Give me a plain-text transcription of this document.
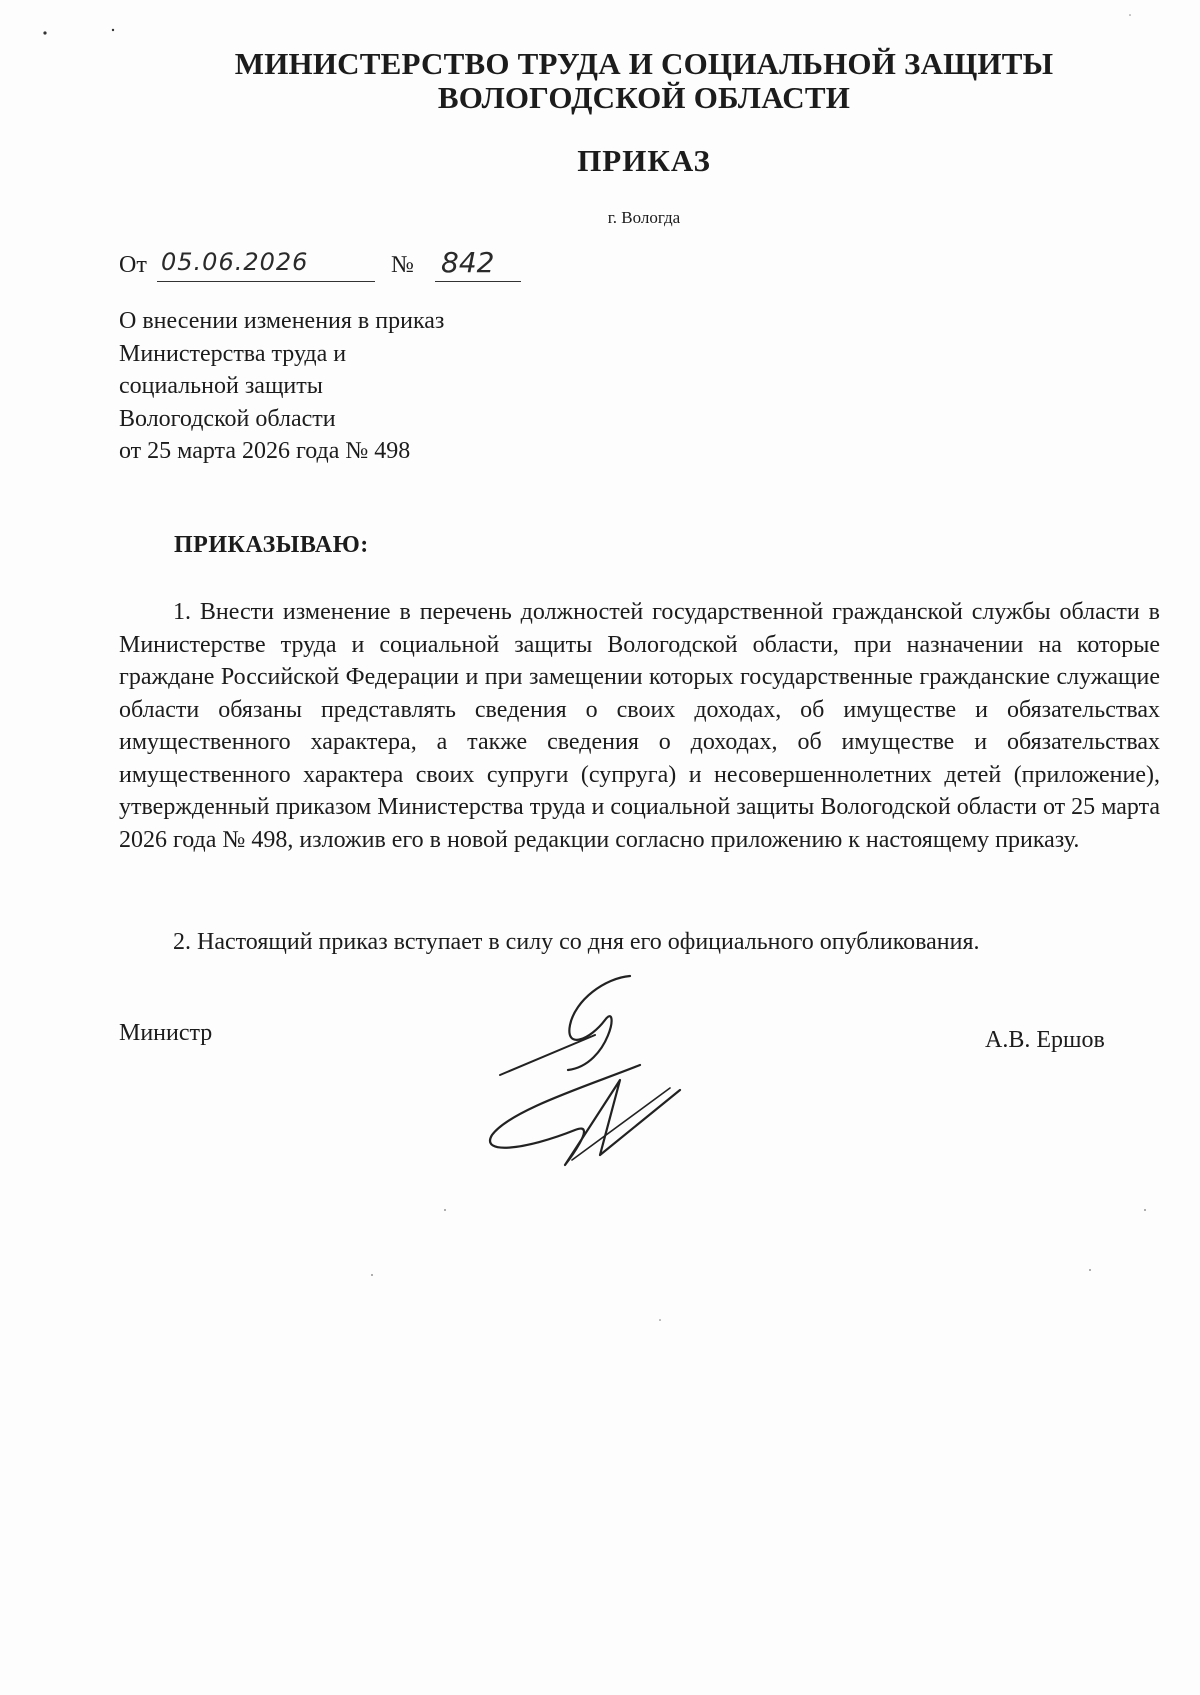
МИНИСТЕРСТВО ТРУДА И СОЦИАЛЬНОЙ ЗАЩИТЫ
ВОЛОГОДСКОЙ ОБЛАСТИ
ПРИКАЗ
г. Вологда
От 05.06.2026	№ 842
О внесении изменения в приказ
Министерства труда и
социальной защиты
Вологодской области
от 25 марта 2026 года № 498
ПРИКАЗЫВАЮ:
1. Внести изменение в перечень должностей государственной гражданской службы области в Министерстве труда и социальной защиты Вологодской области, при назначении на которые граждане Российской Федерации и при замещении которых государственные гражданские служащие области обязаны представлять сведения о своих доходах, об имуществе и обязательствах имущественного характера, а также сведения о доходах, об имуществе и обязательствах имущественного характера своих супруги (супруга) и несовершеннолетних детей (приложение), утвержденный приказом Министерства труда и социальной защиты Вологодской области от 25 марта 2026 года № 498, изложив его в новой редакции согласно приложению к настоящему приказу.
2. Настоящий приказ вступает в силу со дня его официального опубликования.
Министр	А.В. Ершов
